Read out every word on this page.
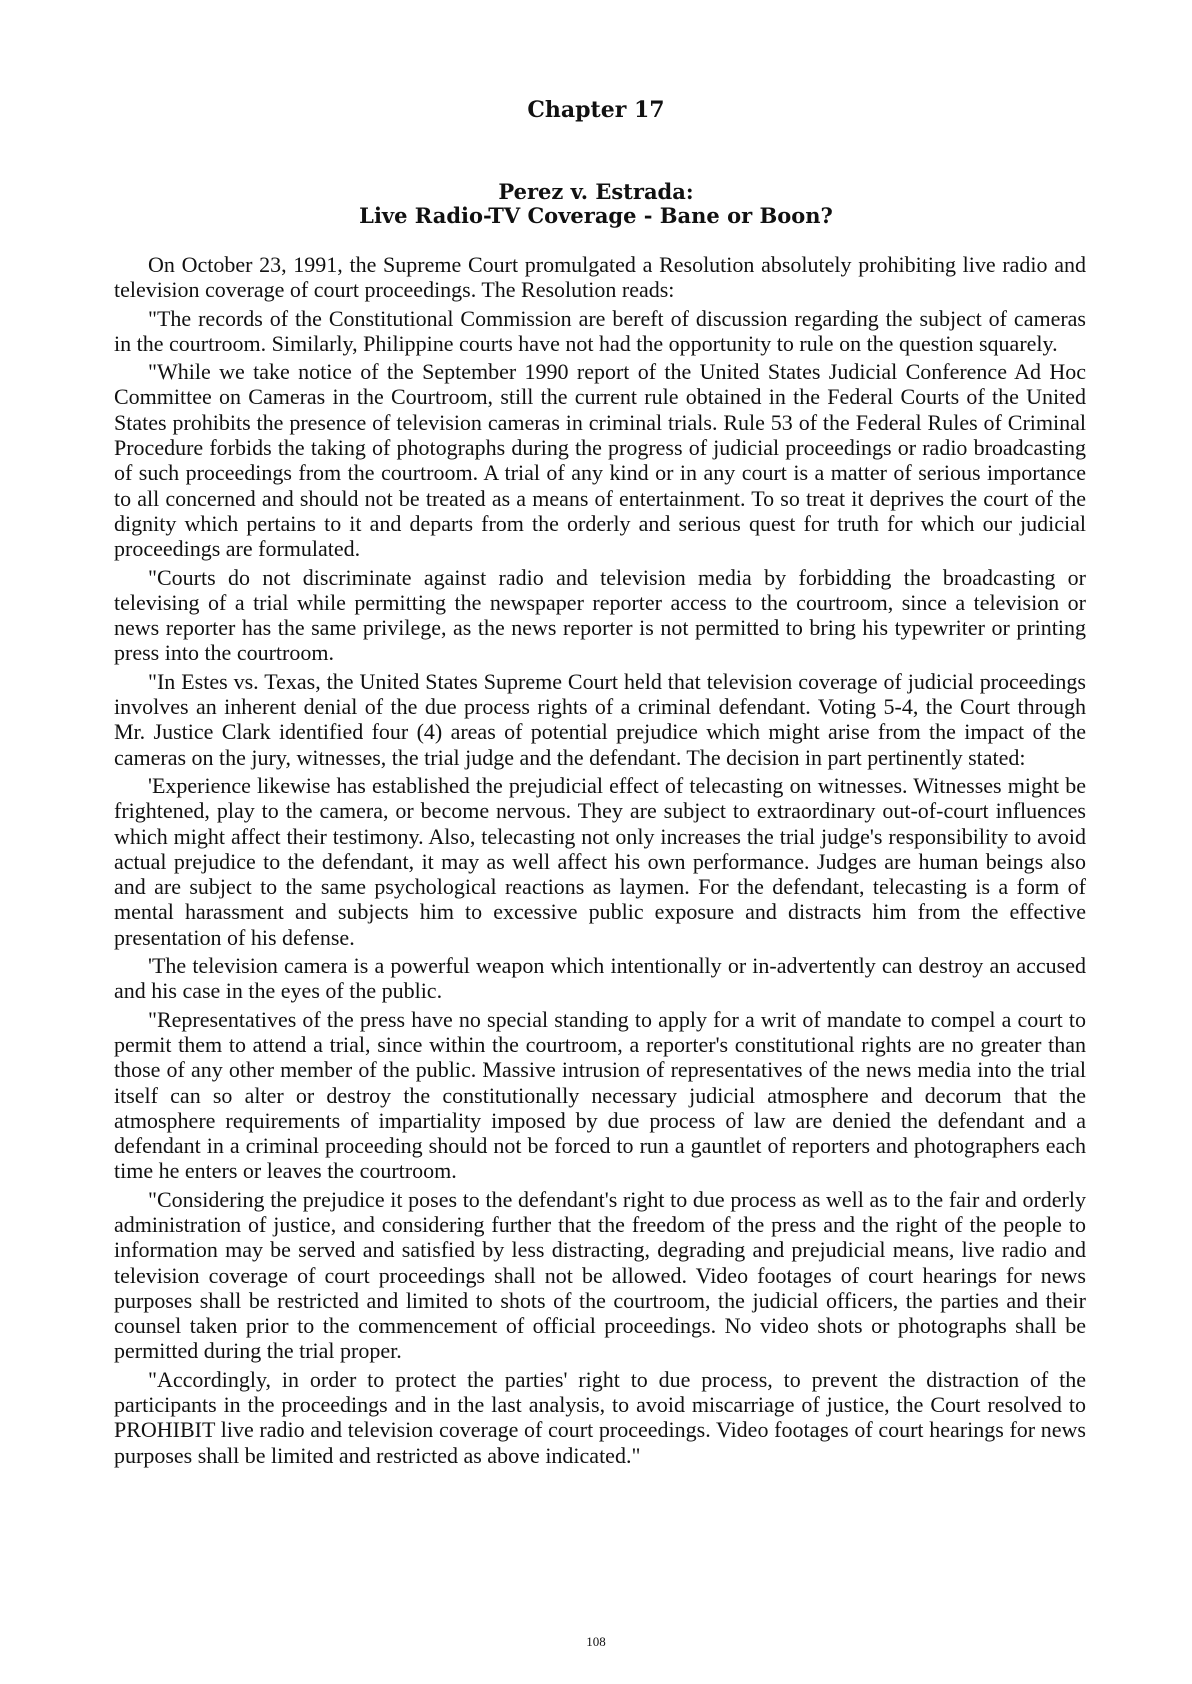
Chapter 17
Perez v. Estrada:
Live Radio-TV Coverage - Bane or Boon?

On October 23, 1991, the Supreme Court promulgated a Resolution absolutely prohibiting live radio and television coverage of court proceedings. The Resolution reads:

"The records of the Constitutional Commission are bereft of discussion regarding the subject of cameras in the courtroom. Similarly, Philippine courts have not had the opportunity to rule on the question squarely.

"While we take notice of the September 1990 report of the United States Judicial Conference Ad Hoc Committee on Cameras in the Courtroom, still the current rule obtained in the Federal Courts of the United States prohibits the presence of television cameras in criminal trials. Rule 53 of the Federal Rules of Criminal Procedure forbids the taking of photographs during the progress of judicial proceedings or radio broadcasting of such proceedings from the courtroom. A trial of any kind or in any court is a matter of serious importance to all concerned and should not be treated as a means of entertainment. To so treat it deprives the court of the dignity which pertains to it and departs from the orderly and serious quest for truth for which our judicial proceedings are formulated.

"Courts do not discriminate against radio and television media by forbidding the broadcasting or televising of a trial while permitting the newspaper reporter access to the courtroom, since a television or news reporter has the same privilege, as the news reporter is not permitted to bring his typewriter or printing press into the courtroom.

"In Estes vs. Texas, the United States Supreme Court held that television coverage of judicial proceedings involves an inherent denial of the due process rights of a criminal defendant. Voting 5-4, the Court through Mr. Justice Clark identified four (4) areas of potential prejudice which might arise from the impact of the cameras on the jury, witnesses, the trial judge and the defendant. The decision in part pertinently stated:

'Experience likewise has established the prejudicial effect of telecasting on witnesses. Witnesses might be frightened, play to the camera, or become nervous. They are subject to extraordinary out-of-court influences which might affect their testimony. Also, telecasting not only increases the trial judge's responsibility to avoid actual prejudice to the defendant, it may as well affect his own performance. Judges are human beings also and are subject to the same psychological reactions as laymen. For the defendant, telecasting is a form of mental harassment and subjects him to excessive public exposure and distracts him from the effective presentation of his defense.

'The television camera is a powerful weapon which intentionally or in-advertently can destroy an accused and his case in the eyes of the public.

"Representatives of the press have no special standing to apply for a writ of mandate to compel a court to permit them to attend a trial, since within the courtroom, a reporter's constitutional rights are no greater than those of any other member of the public. Massive intrusion of representatives of the news media into the trial itself can so alter or destroy the constitutionally necessary judicial atmosphere and decorum that the atmosphere requirements of impartiality imposed by due process of law are denied the defendant and a defendant in a criminal proceeding should not be forced to run a gauntlet of reporters and photographers each time he enters or leaves the courtroom.

"Considering the prejudice it poses to the defendant's right to due process as well as to the fair and orderly administration of justice, and considering further that the freedom of the press and the right of the people to information may be served and satisfied by less distracting, degrading and prejudicial means, live radio and television coverage of court proceedings shall not be allowed. Video footages of court hearings for news purposes shall be restricted and limited to shots of the courtroom, the judicial officers, the parties and their counsel taken prior to the commencement of official proceedings. No video shots or photographs shall be permitted during the trial proper.

"Accordingly, in order to protect the parties' right to due process, to prevent the distraction of the participants in the proceedings and in the last analysis, to avoid miscarriage of justice, the Court resolved to PROHIBIT live radio and television coverage of court proceedings. Video footages of court hearings for news purposes shall be limited and restricted as above indicated."

108
